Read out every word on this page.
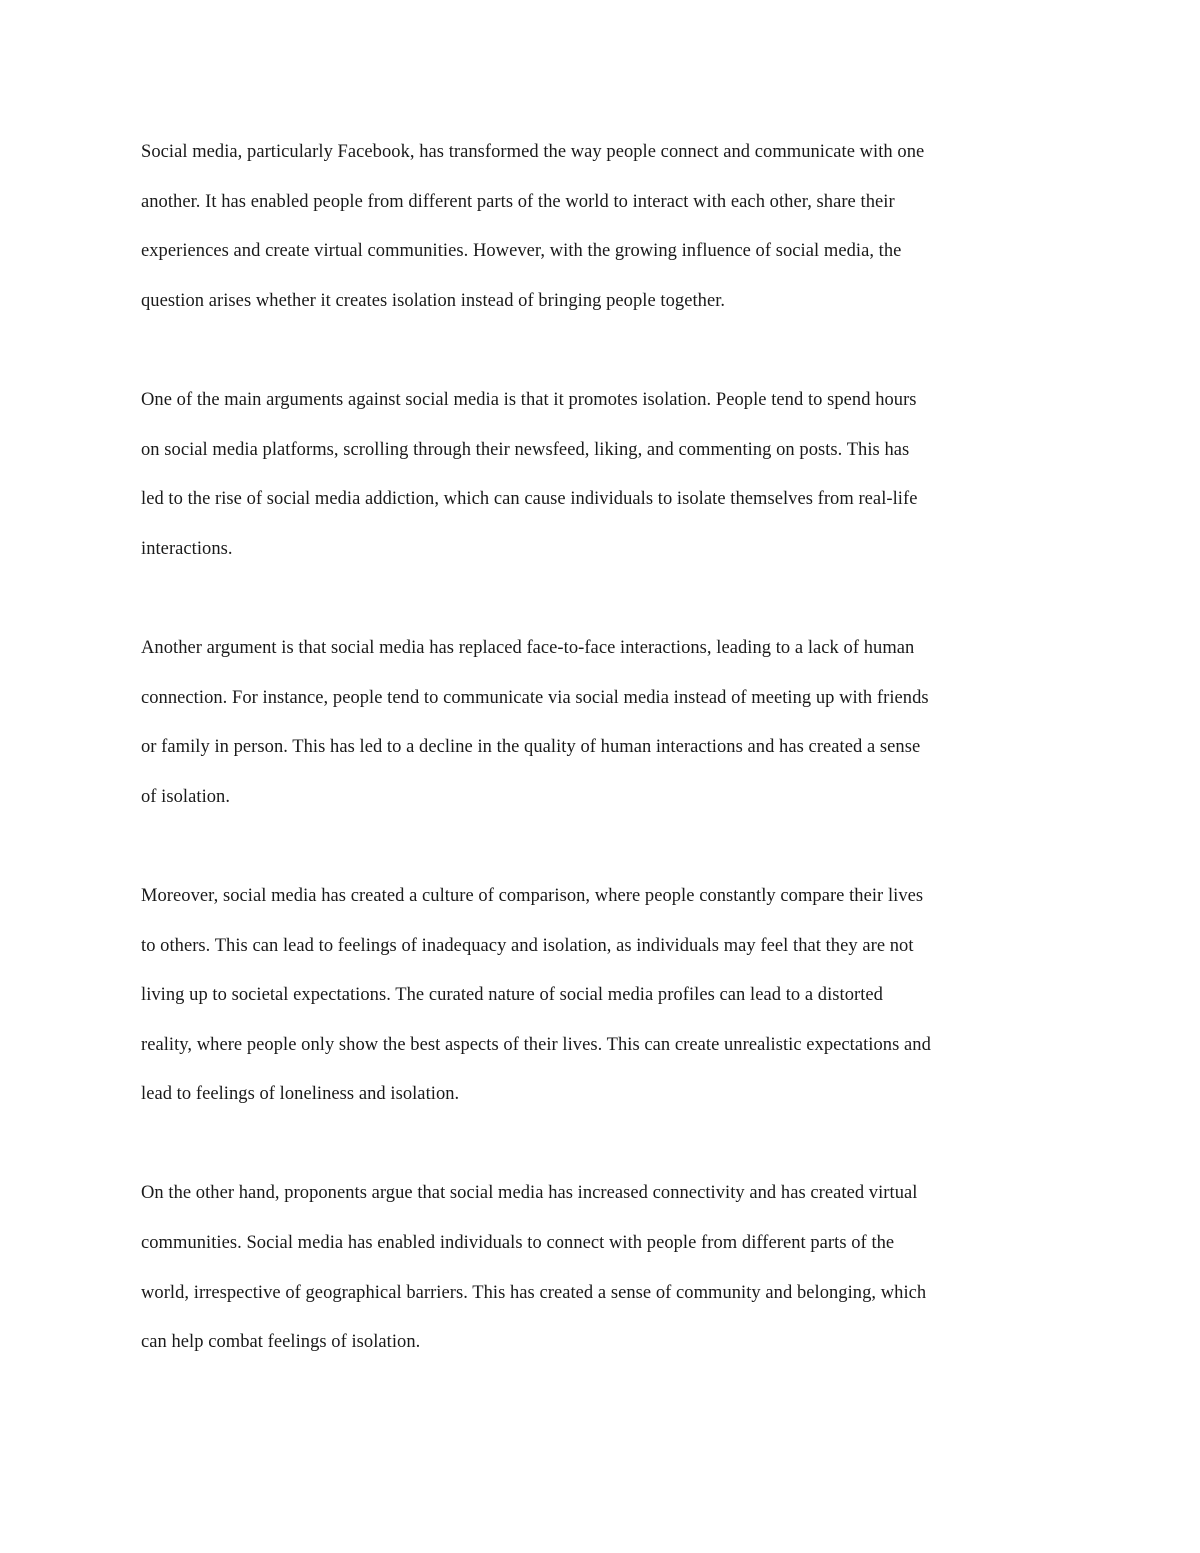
Social media, particularly Facebook, has transformed the way people connect and communicate with one
another. It has enabled people from different parts of the world to interact with each other, share their
experiences and create virtual communities. However, with the growing influence of social media, the
question arises whether it creates isolation instead of bringing people together.

One of the main arguments against social media is that it promotes isolation. People tend to spend hours
on social media platforms, scrolling through their newsfeed, liking, and commenting on posts. This has
led to the rise of social media addiction, which can cause individuals to isolate themselves from real-life
interactions.

Another argument is that social media has replaced face-to-face interactions, leading to a lack of human
connection. For instance, people tend to communicate via social media instead of meeting up with friends
or family in person. This has led to a decline in the quality of human interactions and has created a sense
of isolation.

Moreover, social media has created a culture of comparison, where people constantly compare their lives
to others. This can lead to feelings of inadequacy and isolation, as individuals may feel that they are not
living up to societal expectations. The curated nature of social media profiles can lead to a distorted
reality, where people only show the best aspects of their lives. This can create unrealistic expectations and
lead to feelings of loneliness and isolation.

On the other hand, proponents argue that social media has increased connectivity and has created virtual
communities. Social media has enabled individuals to connect with people from different parts of the
world, irrespective of geographical barriers. This has created a sense of community and belonging, which
can help combat feelings of isolation.
